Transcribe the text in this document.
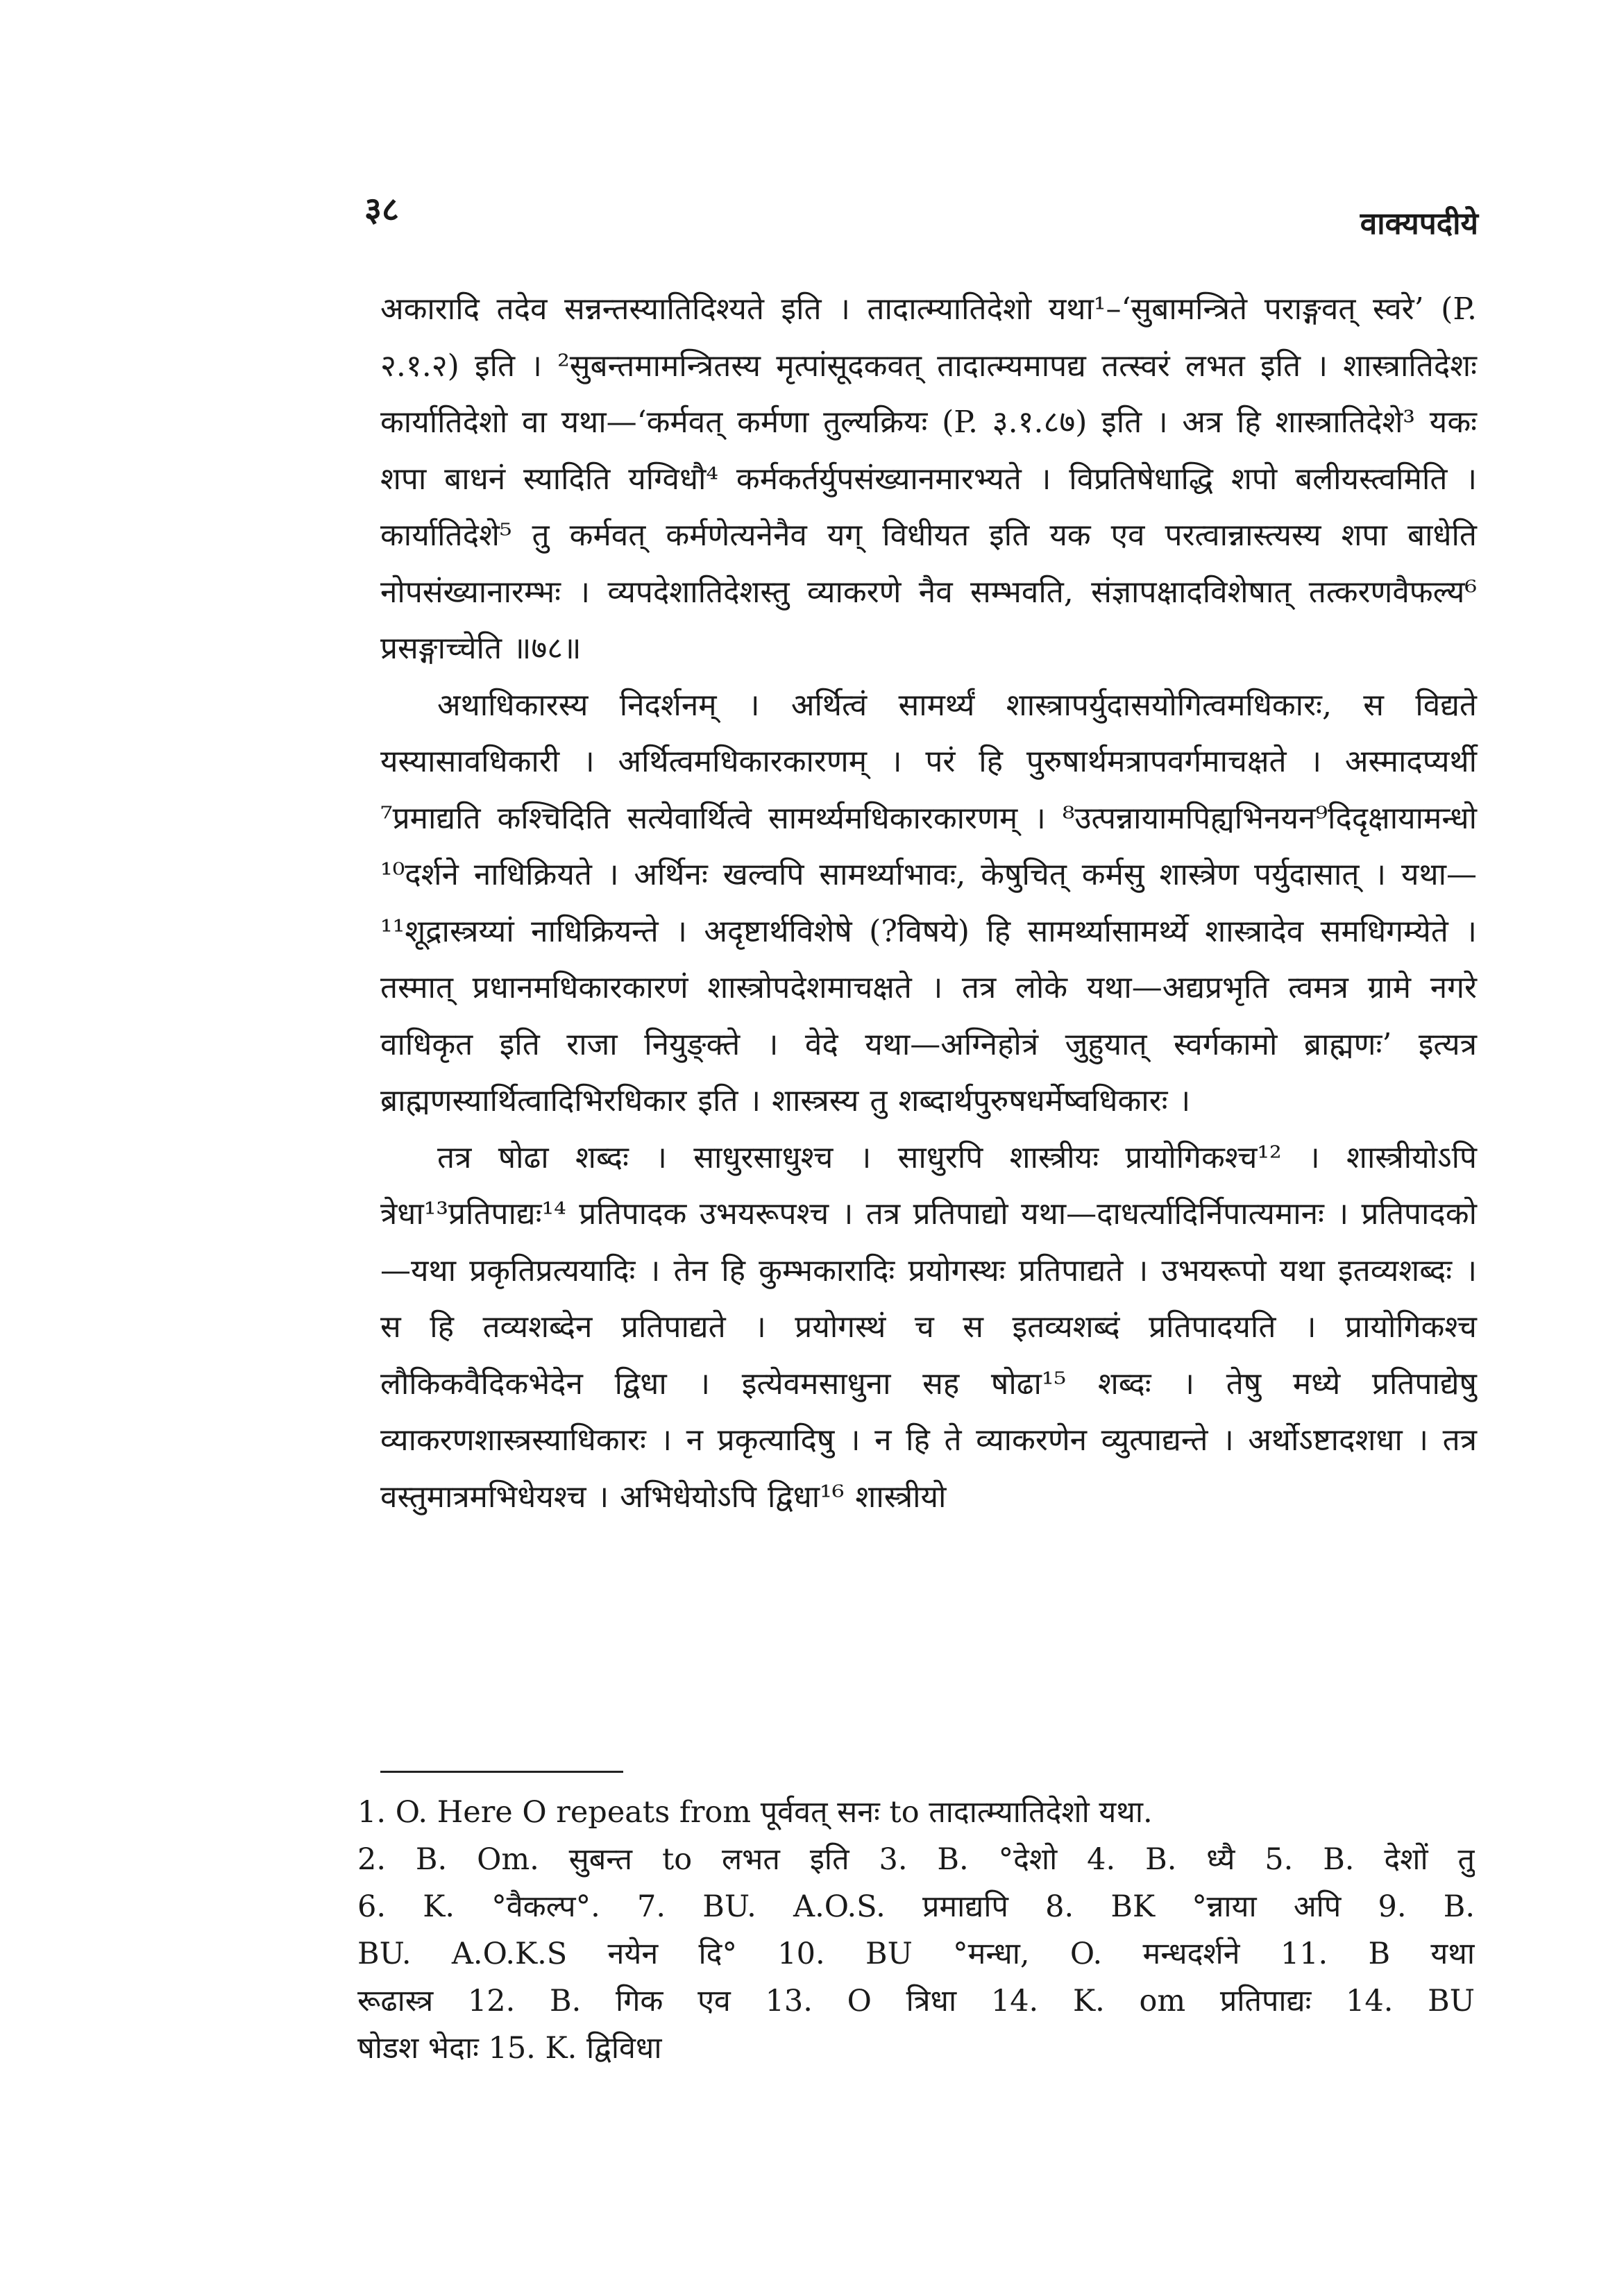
३८	वाक्यपदीये

अकारादि तदेव सन्नन्तस्यातिदिश्यते इति । तादात्म्यातिदेशो यथा¹–‘सुबामन्त्रिते पराङ्गवत् स्वरे’ (P. २.१.२) इति । ²सुबन्तमामन्त्रितस्य मृत्पांसूदकवत् तादात्म्यमापद्य तत्स्वरं लभत इति । शास्त्रातिदेशः कार्यातिदेशो वा यथा—‘कर्मवत् कर्मणा तुल्यक्रियः (P. ३.१.८७) इति । अत्र हि शास्त्रातिदेशे³ यकः शपा बाधनं स्यादिति यग्विधौ⁴ कर्मकर्तर्युपसंख्यानमारभ्यते । विप्रतिषेधाद्धि शपो बलीयस्त्वमिति । कार्यातिदेशे⁵ तु कर्मवत् कर्मणेत्यनेनैव यग् विधीयत इति यक एव परत्वान्नास्त्यस्य शपा बाधेति नोपसंख्यानारम्भः । व्यपदेशातिदेशस्तु व्याकरणे नैव सम्भवति, संज्ञापक्षादविशेषात् तत्करणवैफल्य⁶ प्रसङ्गाच्चेति ॥७८॥

अथाधिकारस्य निदर्शनम् । अर्थित्वं सामर्थ्यं शास्त्रापर्युदासयोगित्वमधिकारः, स विद्यते यस्यासावधिकारी । अर्थित्वमधिकारकारणम् । परं हि पुरुषार्थमत्रापवर्गमाचक्षते । अस्मादप्यर्थी ⁷प्रमाद्यति कश्चिदिति सत्येवार्थित्वे सामर्थ्यमधिकारकारणम् । ⁸उत्पन्नायामपिह्यभिनयन⁹दिदृक्षायामन्धो ¹⁰दर्शने नाधिक्रियते । अर्थिनः खल्वपि सामर्थ्याभावः, केषुचित् कर्मसु शास्त्रेण पर्युदासात् । यथा—¹¹शूद्रास्त्रय्यां नाधिक्रियन्ते । अदृष्टार्थविशेषे (?विषये) हि सामर्थ्यासामर्थ्ये शास्त्रादेव समधिगम्येते । तस्मात् प्रधानमधिकारकारणं शास्त्रोपदेशमाचक्षते । तत्र लोके यथा—अद्यप्रभृति त्वमत्र ग्रामे नगरे वाधिकृत इति राजा नियुङ्क्ते । वेदे यथा—अग्निहोत्रं जुहुयात् स्वर्गकामो ब्राह्मणः’ इत्यत्र ब्राह्मणस्यार्थित्वादिभिरधिकार इति । शास्त्रस्य तु शब्दार्थपुरुषधर्मेष्वधिकारः ।

तत्र षोढा शब्दः । साधुरसाधुश्च । साधुरपि शास्त्रीयः प्रायोगिकश्च¹² । शास्त्रीयोऽपि त्रेधा¹³प्रतिपाद्यः¹⁴ प्रतिपादक उभयरूपश्च । तत्र प्रतिपाद्यो यथा—दाधर्त्यादिर्निपात्यमानः । प्रतिपादको—यथा प्रकृतिप्रत्ययादिः । तेन हि कुम्भकारादिः प्रयोगस्थः प्रतिपाद्यते । उभयरूपो यथा इतव्यशब्दः । स हि तव्यशब्देन प्रतिपाद्यते । प्रयोगस्थं च स इतव्यशब्दं प्रतिपादयति । प्रायोगिकश्च लौकिकवैदिकभेदेन द्विधा । इत्येवमसाधुना सह षोढा¹⁵ शब्दः । तेषु मध्ये प्रतिपाद्येषु व्याकरणशास्त्रस्याधिकारः । न प्रकृत्यादिषु । न हि ते व्याकरणेन व्युत्पाद्यन्ते । अर्थोऽष्टादशधा । तत्र वस्तुमात्रमभिधेयश्च । अभिधेयोऽपि द्विधा¹⁶ शास्त्रीयो

1. O. Here O repeats from पूर्ववत् सनः to तादात्म्यातिदेशो यथा.
2. B. Om. सुबन्त to लभत इति 3. B. °देशो 4. B. ध्यै 5. B. देशों तु
6. K. °वैकल्प°. 7. BU. A.O.S. प्रमाद्यपि 8. BK °न्नाया अपि 9. B.
BU. A.O.K.S नयेन दि° 10. BU °मन्धा, O. मन्धदर्शने 11. B यथा
रूढास्त्र 12. B. गिक एव 13. O त्रिधा 14. K. om प्रतिपाद्यः 14. BU
षोडश भेदाः 15. K. द्विविधा
